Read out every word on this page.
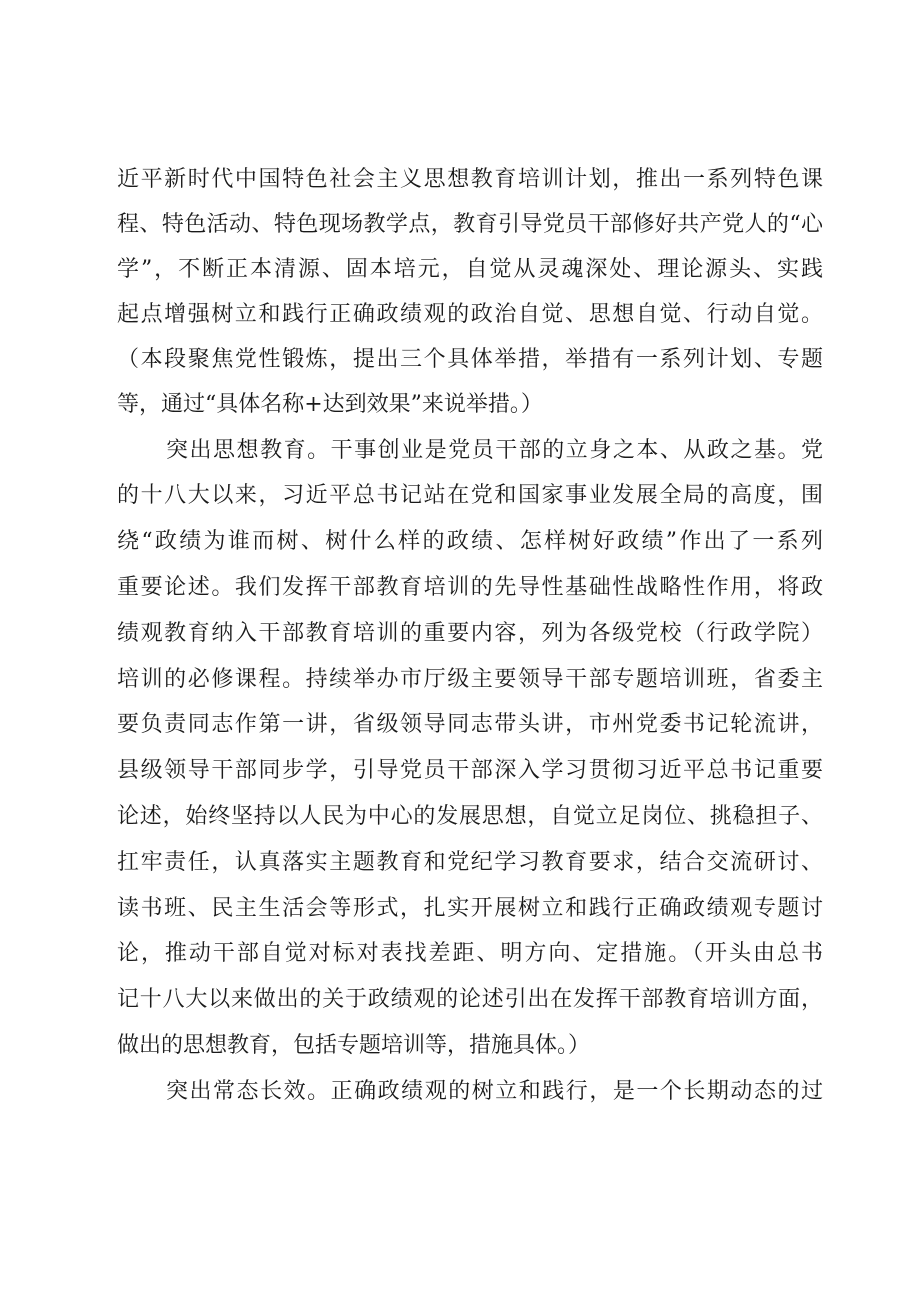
近平新时代中国特色社会主义思想教育培训计划，推出一系列特色课
程、特色活动、特色现场教学点，教育引导党员干部修好共产党人的“心
学”，不断正本清源、固本培元，自觉从灵魂深处、理论源头、实践
起点增强树立和践行正确政绩观的政治自觉、思想自觉、行动自觉。
（本段聚焦党性锻炼，提出三个具体举措，举措有一系列计划、专题
等，通过“具体名称+达到效果”来说举措。）
突出思想教育。干事创业是党员干部的立身之本、从政之基。党
的十八大以来，习近平总书记站在党和国家事业发展全局的高度，围
绕“政绩为谁而树、树什么样的政绩、怎样树好政绩”作出了一系列
重要论述。我们发挥干部教育培训的先导性基础性战略性作用，将政
绩观教育纳入干部教育培训的重要内容，列为各级党校（行政学院）
培训的必修课程。持续举办市厅级主要领导干部专题培训班，省委主
要负责同志作第一讲，省级领导同志带头讲，市州党委书记轮流讲，
县级领导干部同步学，引导党员干部深入学习贯彻习近平总书记重要
论述，始终坚持以人民为中心的发展思想，自觉立足岗位、挑稳担子、
扛牢责任，认真落实主题教育和党纪学习教育要求，结合交流研讨、
读书班、民主生活会等形式，扎实开展树立和践行正确政绩观专题讨
论，推动干部自觉对标对表找差距、明方向、定措施。（开头由总书
记十八大以来做出的关于政绩观的论述引出在发挥干部教育培训方面，
做出的思想教育，包括专题培训等，措施具体。）
突出常态长效。正确政绩观的树立和践行，是一个长期动态的过
